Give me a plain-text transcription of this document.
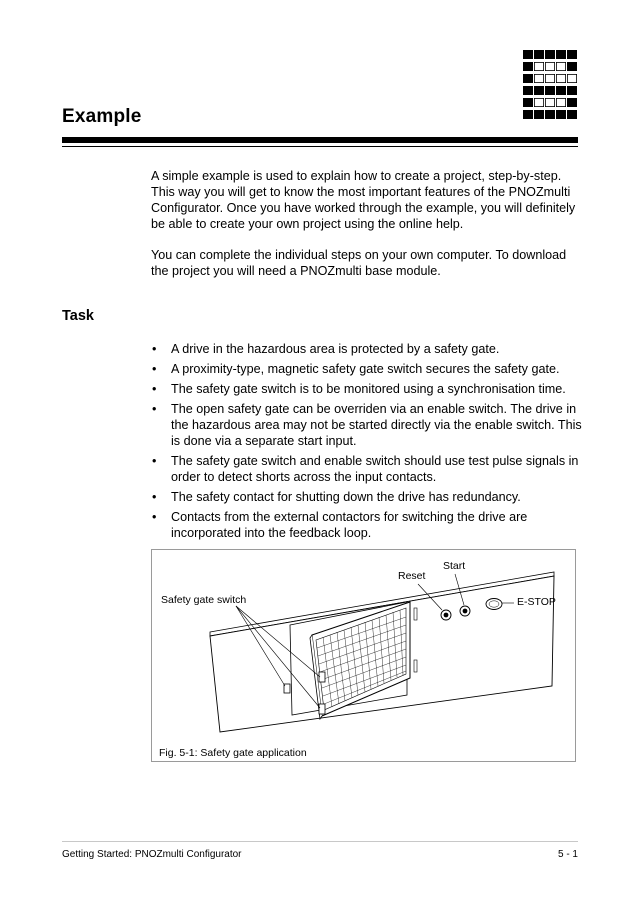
Example

A simple example is used to explain how to create a project, step-by-step. This way you will get to know the most important features of the PNOZmulti Configurator. Once you have worked through the example, you will definitely be able to create your own project using the online help.

You can complete the individual steps on your own computer. To download the project you will need a PNOZmulti base module.

Task
• A drive in the hazardous area is protected by a safety gate.
• A proximity-type, magnetic safety gate switch secures the safety gate.
• The safety gate switch is to be monitored using a synchronisation time.
• The open safety gate can be overriden via an enable switch. The drive in the hazardous area may not be started directly via the enable switch. This is done via a separate start input.
• The safety gate switch and enable switch should use test pulse signals in order to detect shorts across the input contacts.
• The safety contact for shutting down the drive has redundancy.
• Contacts from the external contactors for switching the drive are incorporated into the feedback loop.
Start
Reset
Safety gate switch	E-STOP
Fig. 5-1: Safety gate application
Getting Started: PNOZmulti Configurator	5 - 1
